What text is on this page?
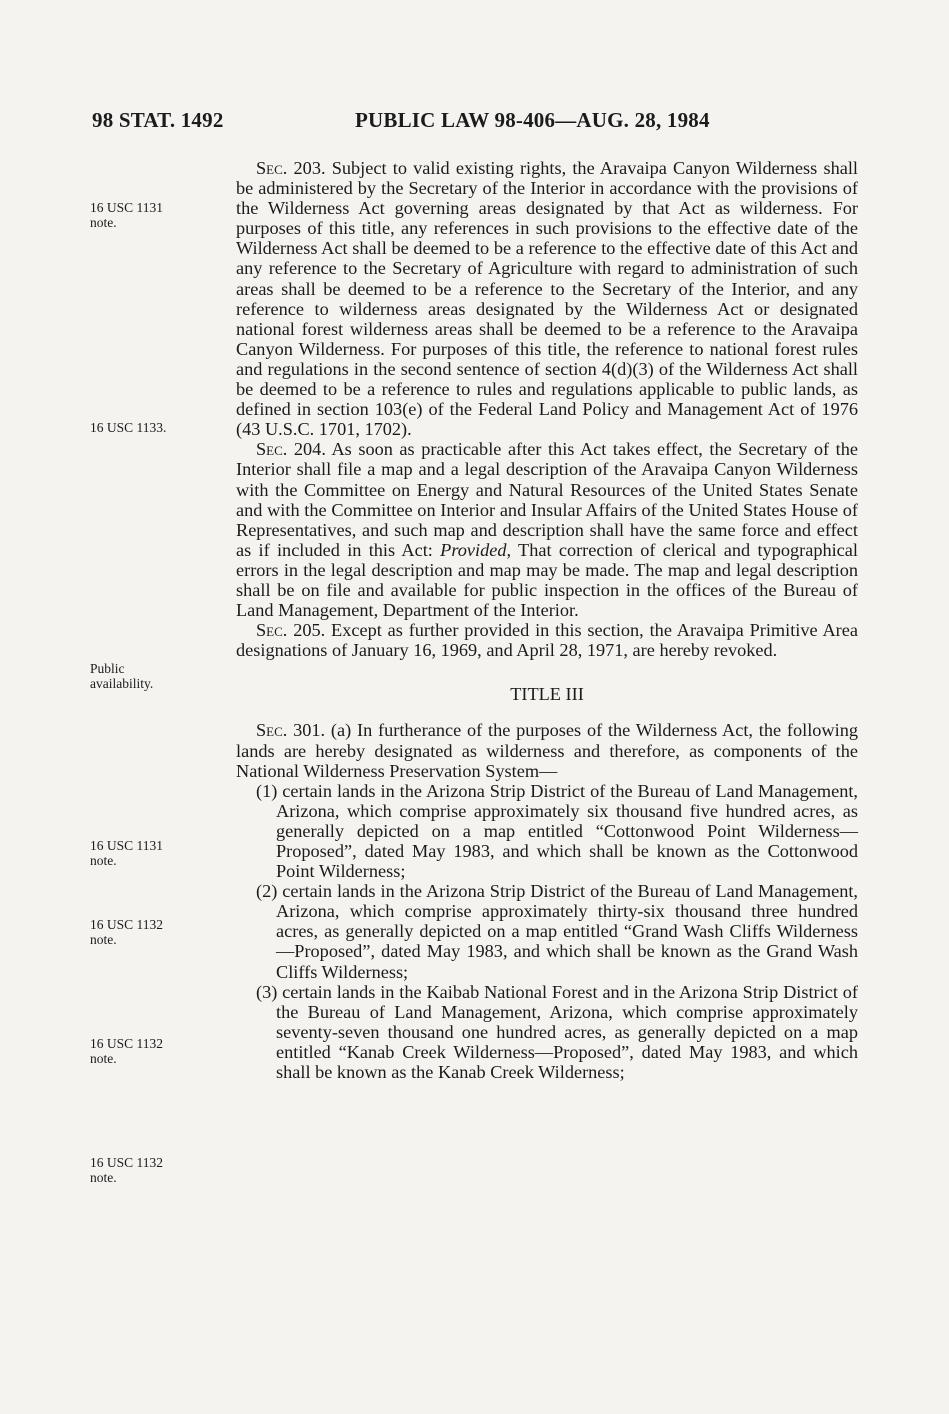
98 STAT. 1492	PUBLIC LAW 98-406—AUG. 28, 1984
16 USC 1131
note.
16 USC 1133.
Public
availability.
16 USC 1131
note.
16 USC 1132
note.
16 USC 1132
note.
16 USC 1132
note.

Sec. 203. Subject to valid existing rights, the Aravaipa Canyon Wilderness shall be administered by the Secretary of the Interior in accordance with the provisions of the Wilderness Act governing areas designated by that Act as wilderness. For purposes of this title, any references in such provisions to the effective date of the Wilderness Act shall be deemed to be a reference to the effective date of this Act and any reference to the Secretary of Agriculture with regard to administration of such areas shall be deemed to be a reference to the Secretary of the Interior, and any reference to wilderness areas designated by the Wilderness Act or designated national forest wilderness areas shall be deemed to be a reference to the Aravaipa Canyon Wilderness. For purposes of this title, the reference to national forest rules and regulations in the second sentence of section 4(d)(3) of the Wilderness Act shall be deemed to be a reference to rules and regulations applicable to public lands, as defined in section 103(e) of the Federal Land Policy and Management Act of 1976 (43 U.S.C. 1701, 1702).

Sec. 204. As soon as practicable after this Act takes effect, the Secretary of the Interior shall file a map and a legal description of the Aravaipa Canyon Wilderness with the Committee on Energy and Natural Resources of the United States Senate and with the Committee on Interior and Insular Affairs of the United States House of Representatives, and such map and description shall have the same force and effect as if included in this Act: Provided, That correction of clerical and typographical errors in the legal description and map may be made. The map and legal description shall be on file and available for public inspection in the offices of the Bureau of Land Management, Department of the Interior.

Sec. 205. Except as further provided in this section, the Aravaipa Primitive Area designations of January 16, 1969, and April 28, 1971, are hereby revoked.

TITLE III

Sec. 301. (a) In furtherance of the purposes of the Wilderness Act, the following lands are hereby designated as wilderness and therefore, as components of the National Wilderness Preservation System—

(1) certain lands in the Arizona Strip District of the Bureau of Land Management, Arizona, which comprise approximately six thousand five hundred acres, as generally depicted on a map entitled “Cottonwood Point Wilderness—Proposed”, dated May 1983, and which shall be known as the Cottonwood Point Wilderness;

(2) certain lands in the Arizona Strip District of the Bureau of Land Management, Arizona, which comprise approximately thirty-six thousand three hundred acres, as generally depicted on a map entitled “Grand Wash Cliffs Wilderness—Proposed”, dated May 1983, and which shall be known as the Grand Wash Cliffs Wilderness;

(3) certain lands in the Kaibab National Forest and in the Arizona Strip District of the Bureau of Land Management, Arizona, which comprise approximately seventy-seven thousand one hundred acres, as generally depicted on a map entitled “Kanab Creek Wilderness—Proposed”, dated May 1983, and which shall be known as the Kanab Creek Wilderness;
